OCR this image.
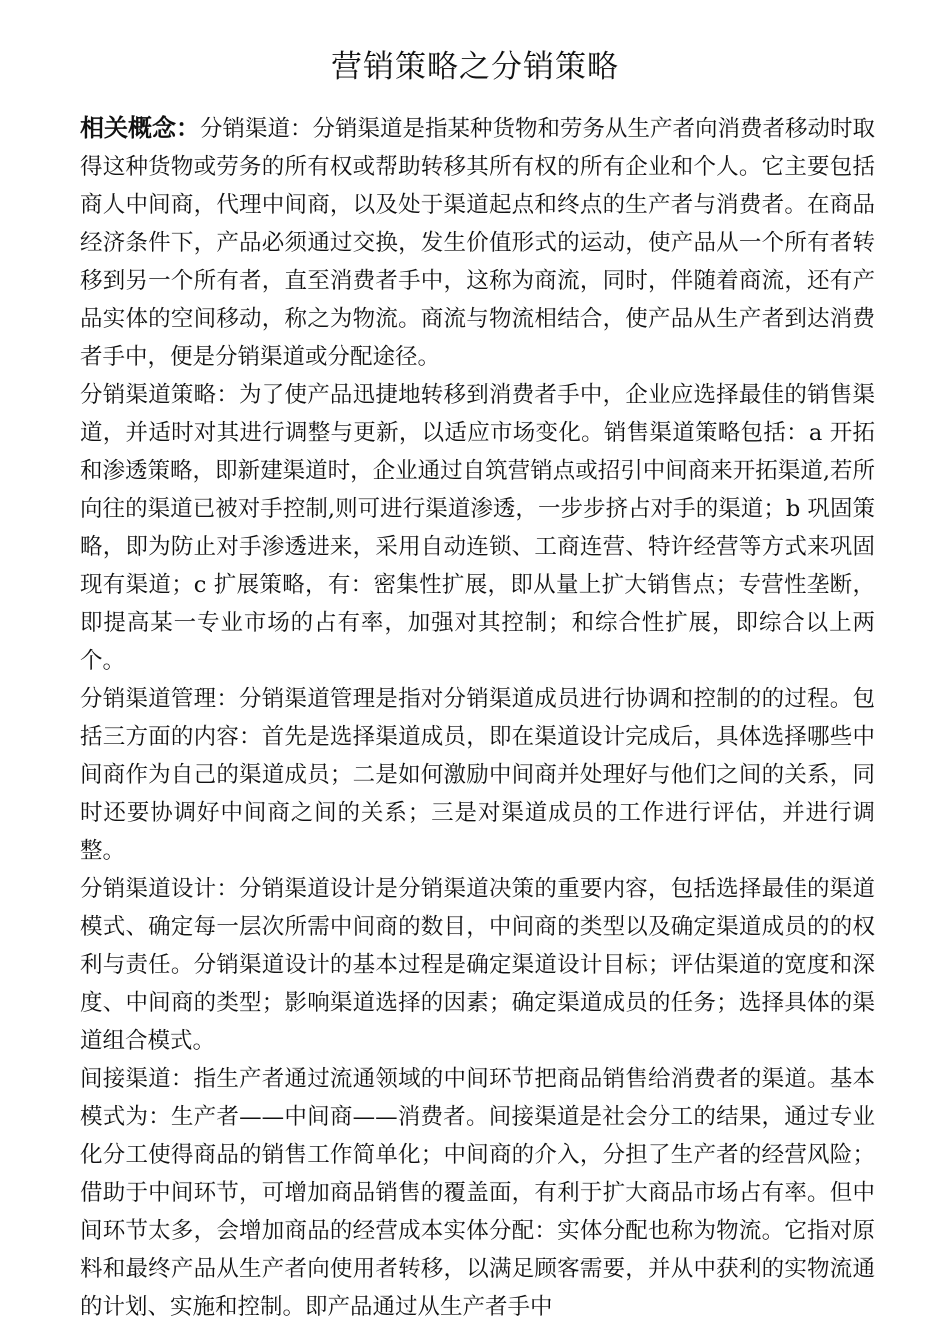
营销策略之分销策略

相关概念：分销渠道：分销渠道是指某种货物和劳务从生产者向消费者移动时取得这种货物或劳务的所有权或帮助转移其所有权的所有企业和个人。它主要包括商人中间商，代理中间商，以及处于渠道起点和终点的生产者与消费者。在商品经济条件下，产品必须通过交换，发生价值形式的运动，使产品从一个所有者转移到另一个所有者，直至消费者手中，这称为商流，同时，伴随着商流，还有产品实体的空间移动，称之为物流。商流与物流相结合，使产品从生产者到达消费者手中，便是分销渠道或分配途径。

分销渠道策略：为了使产品迅捷地转移到消费者手中，企业应选择最佳的销售渠道，并适时对其进行调整与更新，以适应市场变化。销售渠道策略包括：a 开拓和渗透策略，即新建渠道时，企业通过自筑营销点或招引中间商来开拓渠道,若所向往的渠道已被对手控制,则可进行渠道渗透，一步步挤占对手的渠道；b 巩固策略，即为防止对手渗透进来，采用自动连锁、工商连营、特许经营等方式来巩固现有渠道；c 扩展策略，有：密集性扩展，即从量上扩大销售点；专营性垄断，即提高某一专业市场的占有率，加强对其控制；和综合性扩展，即综合以上两个。

分销渠道管理：分销渠道管理是指对分销渠道成员进行协调和控制的的过程。包括三方面的内容：首先是选择渠道成员，即在渠道设计完成后，具体选择哪些中间商作为自己的渠道成员；二是如何激励中间商并处理好与他们之间的关系，同时还要协调好中间商之间的关系；三是对渠道成员的工作进行评估，并进行调整。

分销渠道设计：分销渠道设计是分销渠道决策的重要内容，包括选择最佳的渠道模式、确定每一层次所需中间商的数目，中间商的类型以及确定渠道成员的的权利与责任。分销渠道设计的基本过程是确定渠道设计目标；评估渠道的宽度和深度、中间商的类型；影响渠道选择的因素；确定渠道成员的任务；选择具体的渠道组合模式。

间接渠道：指生产者通过流通领域的中间环节把商品销售给消费者的渠道。基本模式为：生产者——中间商——消费者。间接渠道是社会分工的结果，通过专业化分工使得商品的销售工作简单化；中间商的介入，分担了生产者的经营风险；借助于中间环节，可增加商品销售的覆盖面，有利于扩大商品市场占有率。但中间环节太多，会增加商品的经营成本实体分配：实体分配也称为物流。它指对原料和最终产品从生产者向使用者转移，以满足顾客需要，并从中获利的实物流通的计划、实施和控制。即产品通过从生产者手中
